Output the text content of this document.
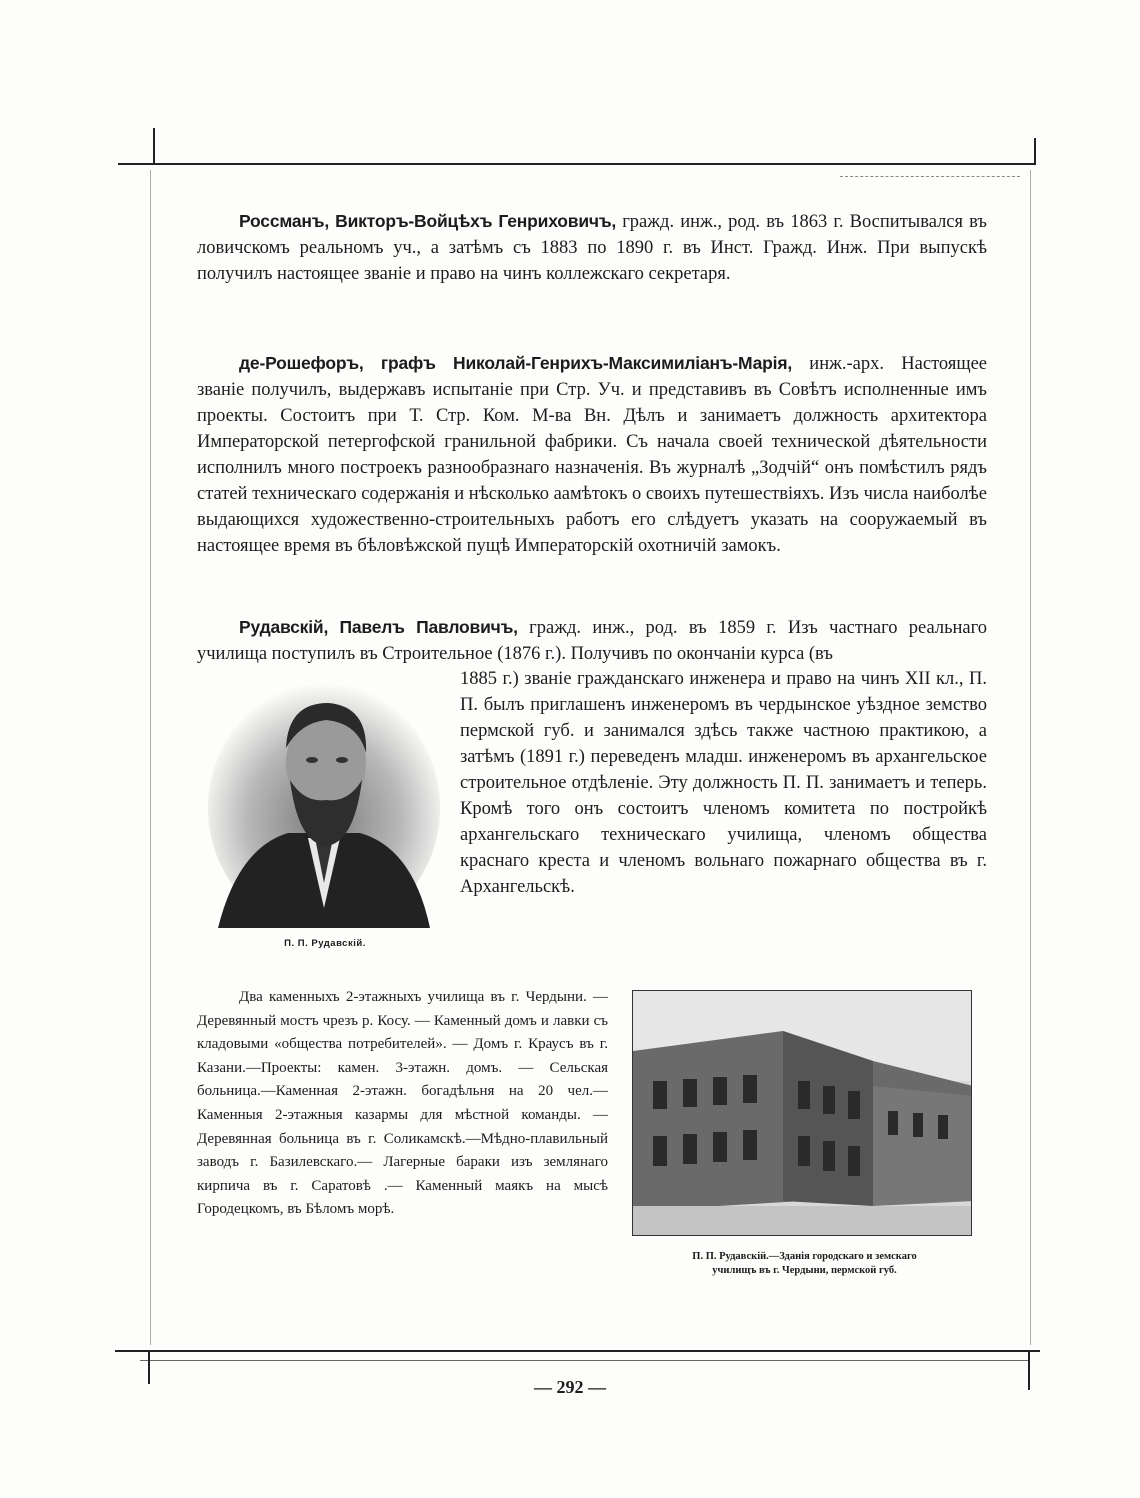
Россманъ, Викторъ-Войцѣхъ Генриховичъ, гражд. инж., род. въ 1863 г. Воспитывался въ ловичскомъ реальномъ уч., а затѣмъ съ 1883 по 1890 г. въ Инст. Гражд. Инж. При выпускѣ получилъ настоящее званіе и право на чинъ коллежскаго секретаря.

де-Рошефоръ, графъ Николай-Генрихъ-Максимиліанъ-Марія, инж.-арх. Настоящее званіе получилъ, выдержавъ испытаніе при Стр. Уч. и представивъ въ Совѣтъ исполненные имъ проекты. Состоитъ при Т. Стр. Ком. М-ва Вн. Дѣлъ и занимаетъ должность архитектора Императорской петергофской гранильной фабрики. Съ начала своей технической дѣятельности исполнилъ много построекъ разнообразнаго назначенія. Въ журналѣ „Зодчій“ онъ помѣстилъ рядъ статей техническаго содержанія и нѣсколько аамѣтокъ о своихъ путешествіяхъ. Изъ числа наиболѣе выдающихся художественно-строительныхъ работъ его слѣдуетъ указать на сооружаемый въ настоящее время въ бѣловѣжской пущѣ Императорскій охотничій замокъ.

Рудавскій, Павелъ Павловичъ, гражд. инж., род. въ 1859 г. Изъ частнаго реальнаго училища поступилъ въ Строительное (1876 г.). Получивъ по окончаніи курса (въ

1885 г.) званіе гражданскаго инженера и право на чинъ XII кл., П. П. былъ приглашенъ инженеромъ въ чердынское уѣздное земство пермской губ. и занимался здѣсь также частною практикою, а затѣмъ (1891 г.) переведенъ младш. инженеромъ въ архангельское строительное отдѣленіе. Эту должность П. П. занимаетъ и теперь. Кромѣ того онъ состоитъ членомъ комитета по постройкѣ архангельскаго техническаго училища, членомъ общества краснаго креста и членомъ вольнаго пожарнаго общества въ г. Архангельскѣ.

П. П. Рудавскій.

Два каменныхъ 2-этажныхъ училища въ г. Чердыни. — Деревянный мостъ чрезъ р. Косу. — Каменный домъ и лавки съ кладовыми «общества потребителей». — Домъ г. Краусъ въ г. Казани.—Проекты: камен. 3-этажн. домъ. — Сельская больница.—Каменная 2-этажн. богадѣльня на 20 чел.—Каменныя 2-этажныя казармы для мѣстной команды. — Деревянная больница въ г. Соликамскѣ.—Мѣдно-плавильный заводъ г. Базилевскаго.— Лагерные бараки изъ землянаго кирпича въ г. Саратовѣ .— Каменный маякъ на мысѣ Городецкомъ, въ Бѣломъ морѣ.

П. П. Рудавскій.—Зданія городскаго и земскаго
училищъ въ г. Чердыни, пермской губ.
— 292 —
